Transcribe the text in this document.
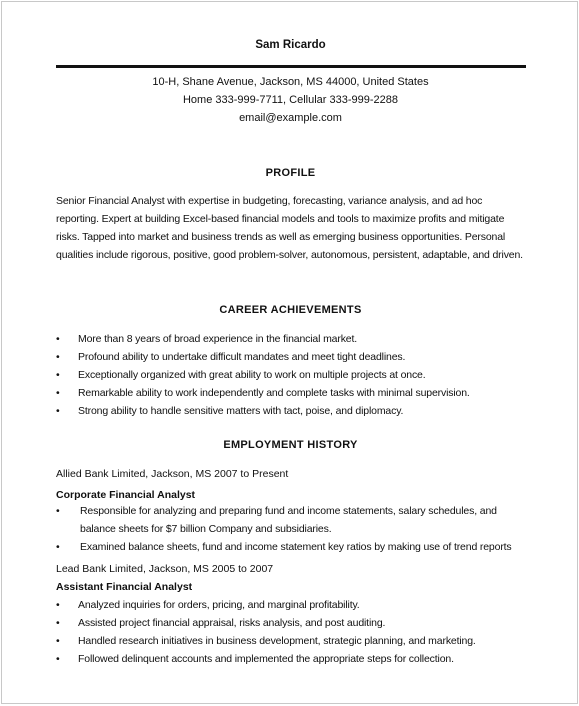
Sam Ricardo
10-H, Shane Avenue, Jackson, MS 44000, United States
Home 333-999-7711, Cellular 333-999-2288
email@example.com
PROFILE
Senior Financial Analyst with expertise in budgeting, forecasting, variance analysis, and ad hoc reporting. Expert at building Excel-based financial models and tools to maximize profits and mitigate risks. Tapped into market and business trends as well as emerging business opportunities. Personal qualities include rigorous, positive, good problem-solver, autonomous, persistent, adaptable, and driven.
CAREER ACHIEVEMENTS
• More than 8 years of broad experience in the financial market.
• Profound ability to undertake difficult mandates and meet tight deadlines.
• Exceptionally organized with great ability to work on multiple projects at once.
• Remarkable ability to work independently and complete tasks with minimal supervision.
• Strong ability to handle sensitive matters with tact, poise, and diplomacy.
EMPLOYMENT HISTORY
Allied Bank Limited, Jackson, MS 2007 to Present
Corporate Financial Analyst
• Responsible for analyzing and preparing fund and income statements, salary schedules, and balance sheets for $7 billion Company and subsidiaries.
• Examined balance sheets, fund and income statement key ratios by making use of trend reports
Lead Bank Limited, Jackson, MS 2005 to 2007
Assistant Financial Analyst
• Analyzed inquiries for orders, pricing, and marginal profitability.
• Assisted project financial appraisal, risks analysis, and post auditing.
• Handled research initiatives in business development, strategic planning, and marketing.
• Followed delinquent accounts and implemented the appropriate steps for collection.
